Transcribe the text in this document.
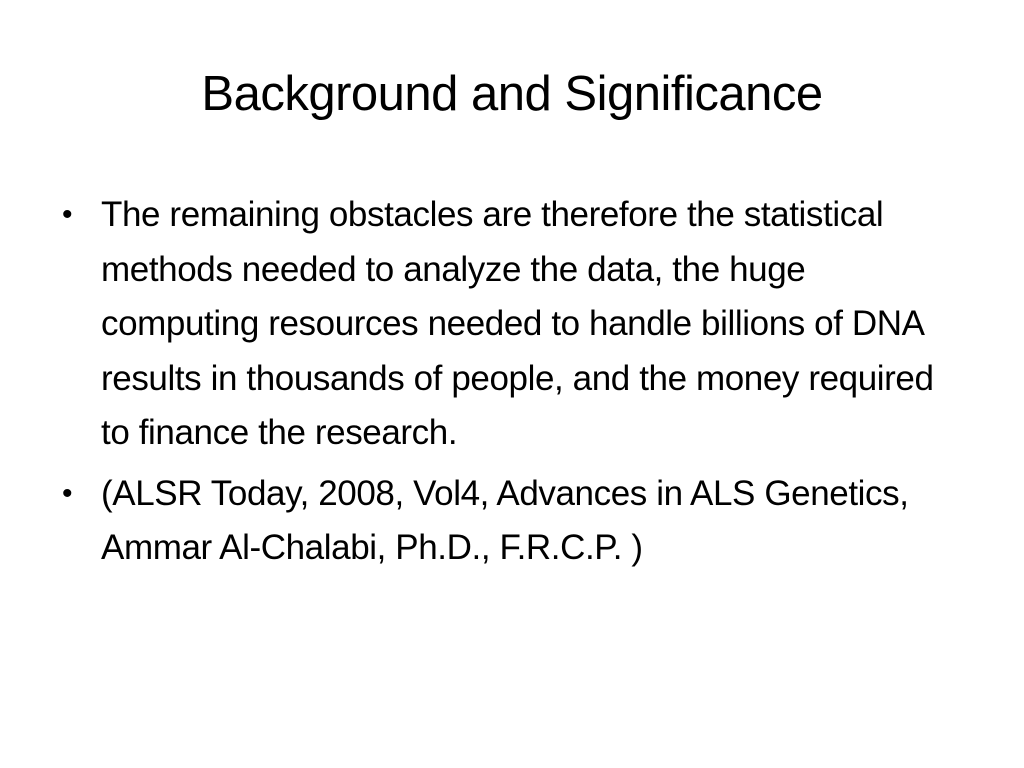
Background and Significance
• The remaining obstacles are therefore the statistical methods needed to analyze the data, the huge computing resources needed to handle billions of DNA results in thousands of people, and the money required to finance the research.
• (ALSR Today, 2008, Vol4, Advances in ALS Genetics, Ammar Al-Chalabi, Ph.D., F.R.C.P. )
